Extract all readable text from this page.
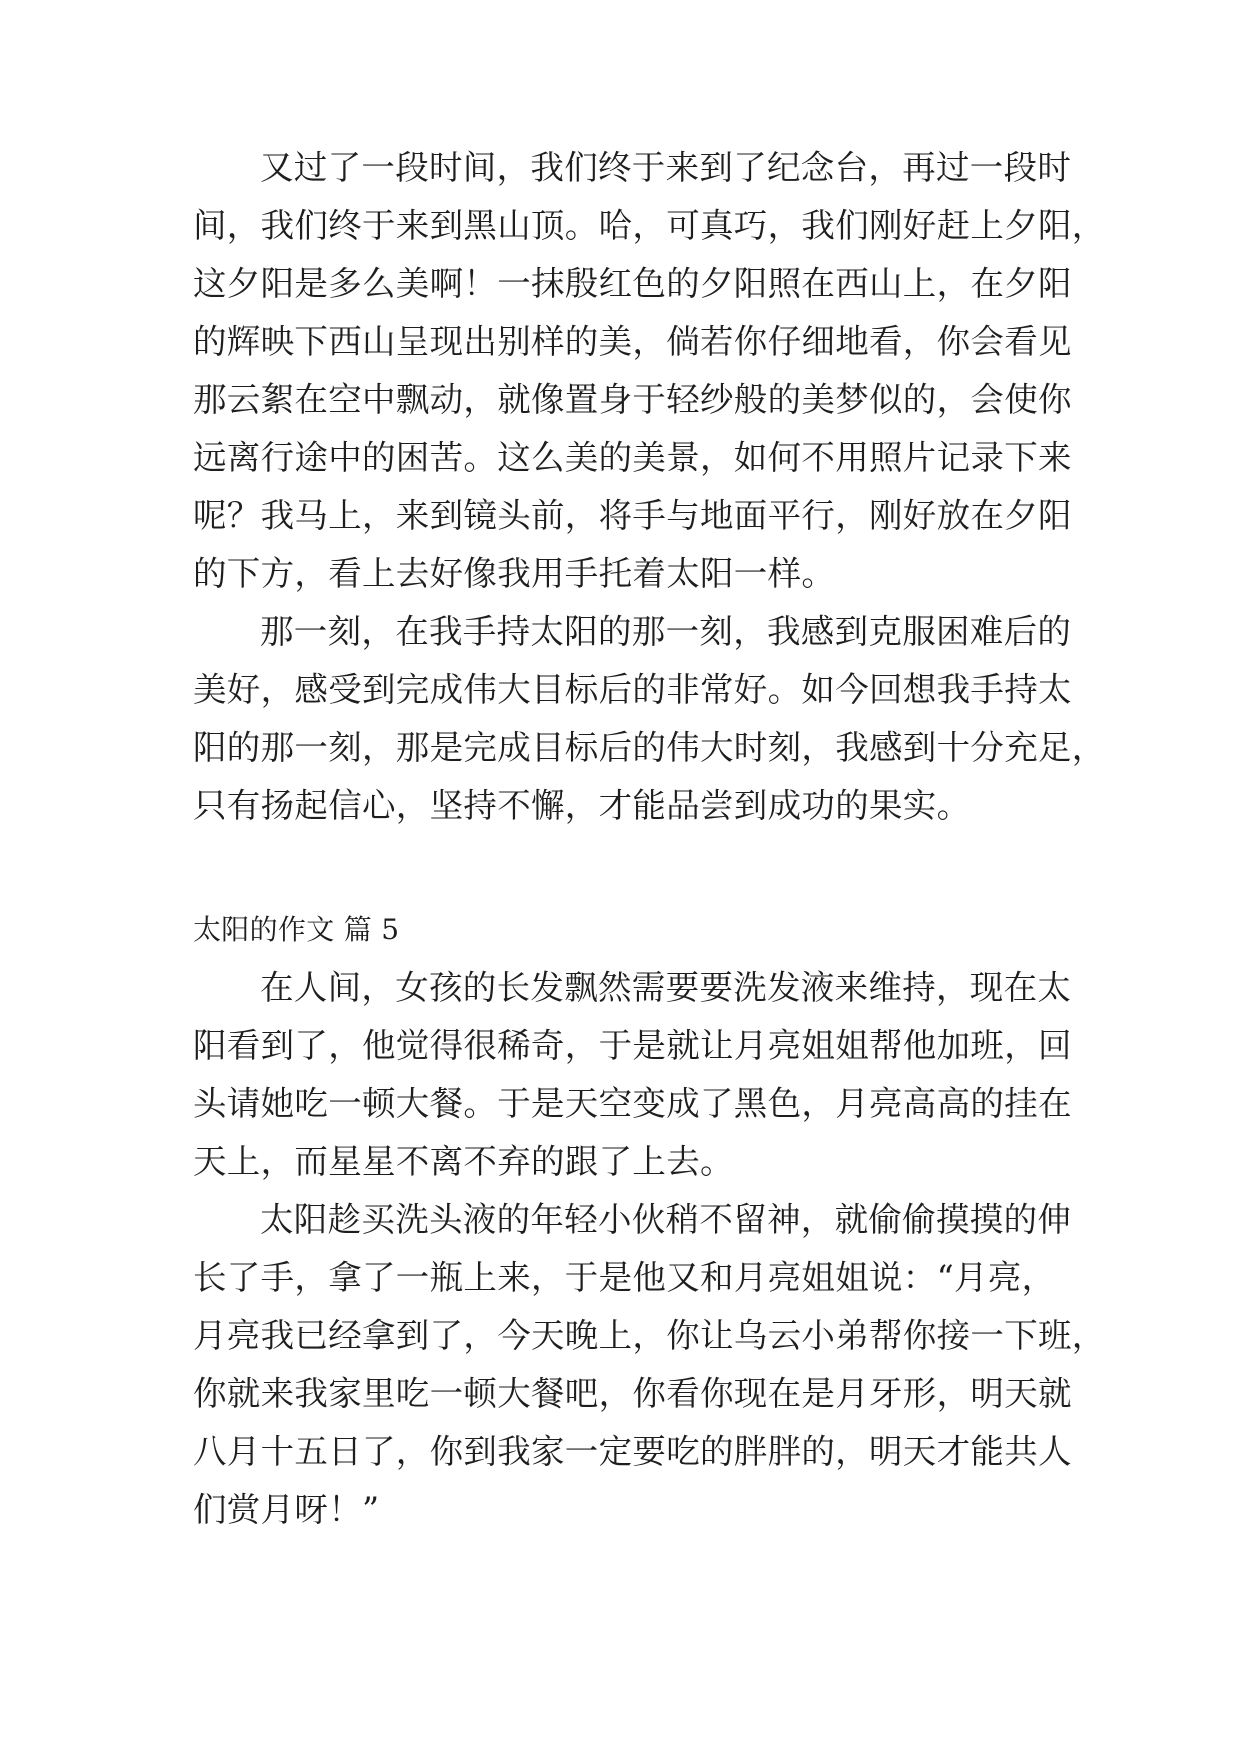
又过了一段时间，我们终于来到了纪念台，再过一段时
间，我们终于来到黑山顶。哈，可真巧，我们刚好赶上夕阳，
这夕阳是多么美啊！一抹殷红色的夕阳照在西山上，在夕阳
的辉映下西山呈现出别样的美，倘若你仔细地看，你会看见
那云絮在空中飘动，就像置身于轻纱般的美梦似的，会使你
远离行途中的困苦。这么美的美景，如何不用照片记录下来
呢？我马上，来到镜头前，将手与地面平行，刚好放在夕阳
的下方，看上去好像我用手托着太阳一样。
那一刻，在我手持太阳的那一刻，我感到克服困难后的
美好，感受到完成伟大目标后的非常好。如今回想我手持太
阳的那一刻，那是完成目标后的伟大时刻，我感到十分充足，
只有扬起信心，坚持不懈，才能品尝到成功的果实。
太阳的作文 篇 5
在人间，女孩的长发飘然需要要洗发液来维持，现在太
阳看到了，他觉得很稀奇，于是就让月亮姐姐帮他加班，回
头请她吃一顿大餐。于是天空变成了黑色，月亮高高的挂在
天上，而星星不离不弃的跟了上去。
太阳趁买洗头液的年轻小伙稍不留神，就偷偷摸摸的伸
长了手，拿了一瓶上来，于是他又和月亮姐姐说：“月亮，
月亮我已经拿到了，今天晚上，你让乌云小弟帮你接一下班，
你就来我家里吃一顿大餐吧，你看你现在是月牙形，明天就
八月十五日了，你到我家一定要吃的胖胖的，明天才能共人
们赏月呀！”
